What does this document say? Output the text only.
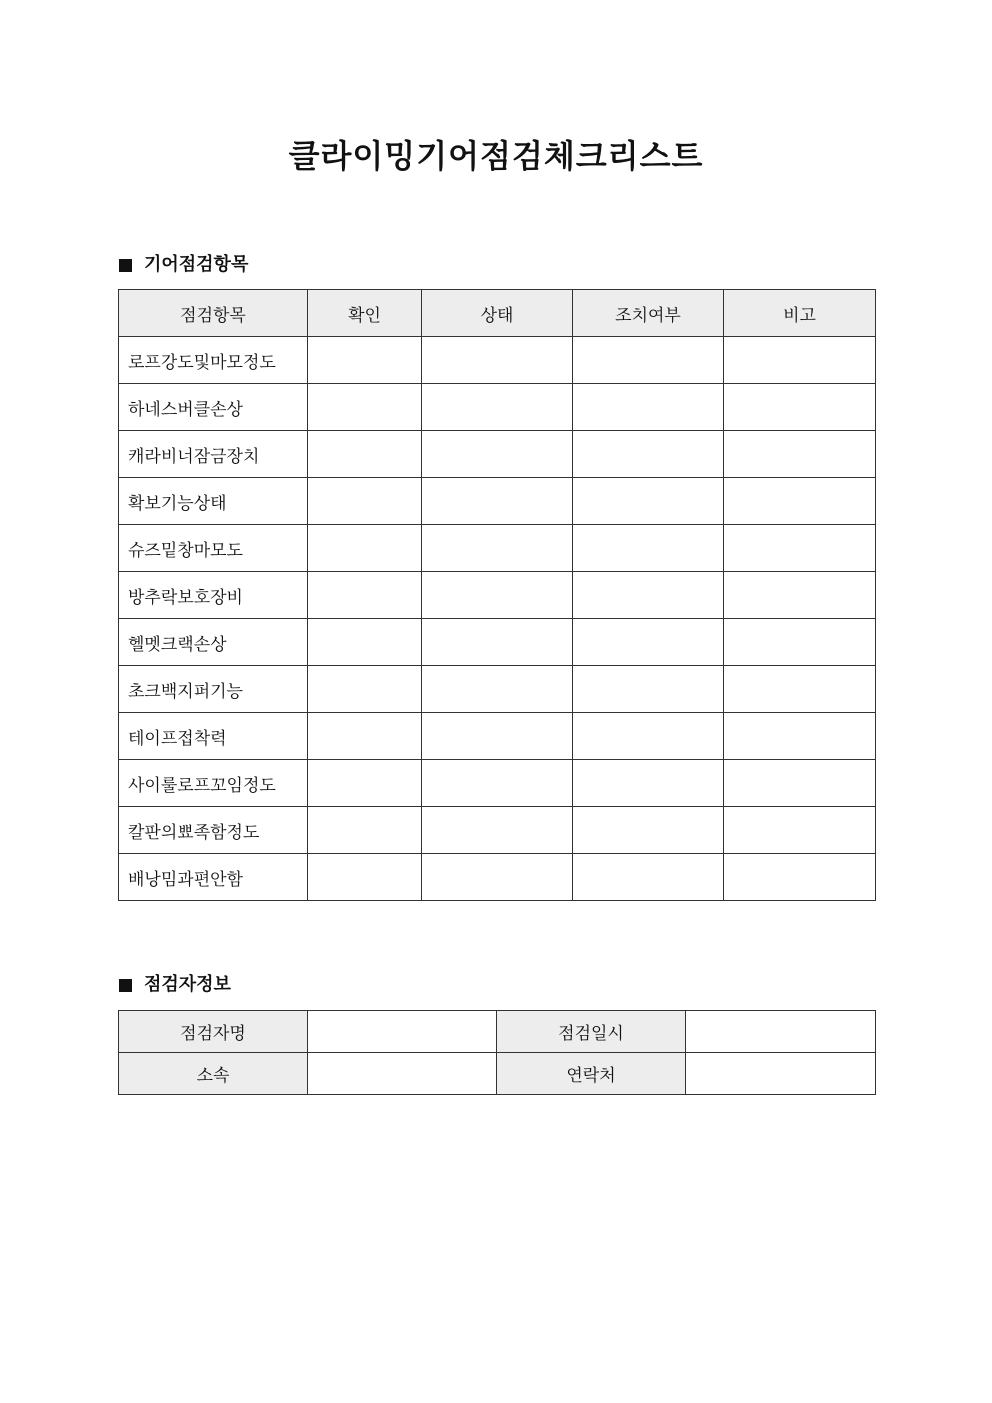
클라이밍기어점검체크리스트
기어점검항목
점검항목	확인	상태	조치여부	비고
로프강도및마모정도				
하네스버클손상				
캐라비너잠금장치				
확보기능상태				
슈즈밑창마모도				
방추락보호장비				
헬멧크랙손상				
초크백지퍼기능				
테이프접착력				
사이룰로프꼬임정도				
칼판의뾰족함정도				
배낭밈과편안함				
점검자정보
점검자명		점검일시	
소속		연락처	
